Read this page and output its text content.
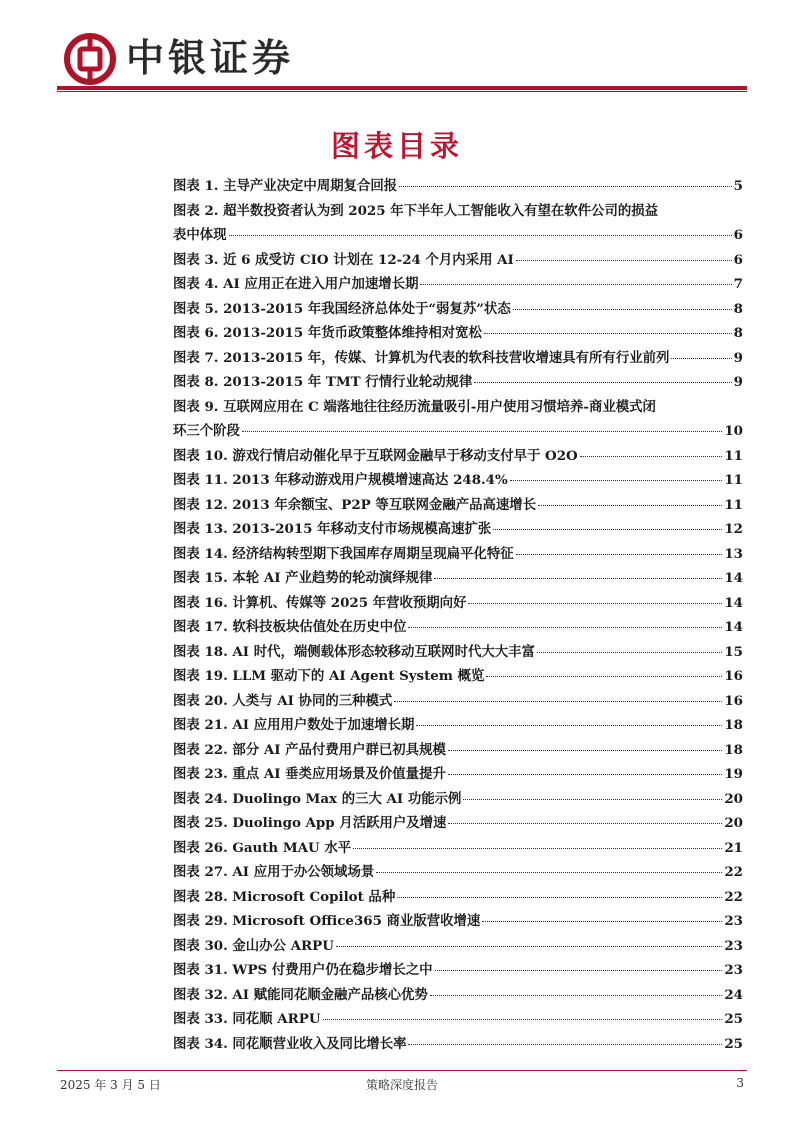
中银证券
图表目录
图表 1. 主导产业决定中周期复合回报	5
图表 2. 超半数投资者认为到 2025 年下半年人工智能收入有望在软件公司的损益
表中体现	6
图表 3. 近 6 成受访 CIO 计划在 12-24 个月内采用 AI	6
图表 4. AI 应用正在进入用户加速增长期	7
图表 5. 2013-2015 年我国经济总体处于“弱复苏”状态	8
图表 6. 2013-2015 年货币政策整体维持相对宽松	8
图表 7. 2013-2015 年，传媒、计算机为代表的软科技营收增速具有所有行业前列	9
图表 8. 2013-2015 年 TMT 行情行业轮动规律	9
图表 9. 互联网应用在 C 端落地往往经历流量吸引-用户使用习惯培养-商业模式闭
环三个阶段	10
图表 10. 游戏行情启动催化早于互联网金融早于移动支付早于 O2O	11
图表 11. 2013 年移动游戏用户规模增速高达 248.4%	11
图表 12. 2013 年余额宝、P2P 等互联网金融产品高速增长	11
图表 13. 2013-2015 年移动支付市场规模高速扩张	12
图表 14. 经济结构转型期下我国库存周期呈现扁平化特征	13
图表 15. 本轮 AI 产业趋势的轮动演绎规律	14
图表 16. 计算机、传媒等 2025 年营收预期向好	14
图表 17. 软科技板块估值处在历史中位	14
图表 18. AI 时代，端侧载体形态较移动互联网时代大大丰富	15
图表 19. LLM 驱动下的 AI Agent System 概览	16
图表 20. 人类与 AI 协同的三种模式	16
图表 21. AI 应用用户数处于加速增长期	18
图表 22. 部分 AI 产品付费用户群已初具规模	18
图表 23. 重点 AI 垂类应用场景及价值量提升	19
图表 24. Duolingo Max 的三大 AI 功能示例	20
图表 25. Duolingo App 月活跃用户及增速	20
图表 26. Gauth MAU 水平	21
图表 27. AI 应用于办公领域场景	22
图表 28. Microsoft Copilot 品种	22
图表 29. Microsoft Office365 商业版营收增速	23
图表 30. 金山办公 ARPU	23
图表 31. WPS 付费用户仍在稳步增长之中	23
图表 32. AI 赋能同花顺金融产品核心优势	24
图表 33. 同花顺 ARPU	25
图表 34. 同花顺营业收入及同比增长率	25
2025 年 3 月 5 日	策略深度报告	3
